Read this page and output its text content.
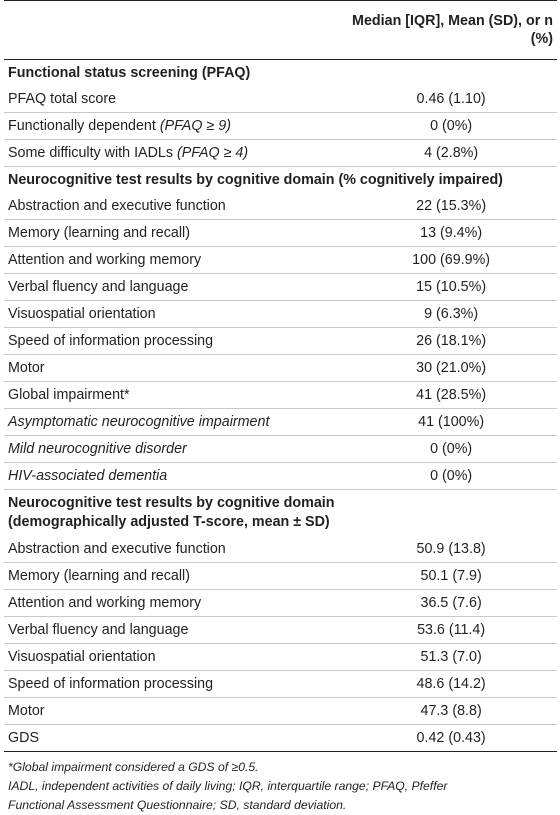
	Median [IQR], Mean (SD), or n (%)
Functional status screening (PFAQ)	
PFAQ total score	0.46 (1.10)
Functionally dependent (PFAQ ≥ 9)	0 (0%)
Some difficulty with IADLs (PFAQ ≥ 4)	4 (2.8%)
Neurocognitive test results by cognitive domain (% cognitively impaired)	
Abstraction and executive function	22 (15.3%)
Memory (learning and recall)	13 (9.4%)
Attention and working memory	100 (69.9%)
Verbal fluency and language	15 (10.5%)
Visuospatial orientation	9 (6.3%)
Speed of information processing	26 (18.1%)
Motor	30 (21.0%)
Global impairment*	41 (28.5%)
Asymptomatic neurocognitive impairment	41 (100%)
Mild neurocognitive disorder	0 (0%)
HIV-associated dementia	0 (0%)

Neurocognitive test results by cognitive domain
(demographically adjusted T-score, mean ± SD)	

Abstraction and executive function	50.9 (13.8)
Memory (learning and recall)	50.1 (7.9)
Attention and working memory	36.5 (7.6)
Verbal fluency and language	53.6 (11.4)
Visuospatial orientation	51.3 (7.0)
Speed of information processing	48.6 (14.2)
Motor	47.3 (8.8)
GDS	0.42 (0.43)
*Global impairment considered a GDS of ≥0.5.
IADL, independent activities of daily living; IQR, interquartile range; PFAQ, Pfeffer
Functional Assessment Questionnaire; SD, standard deviation.
